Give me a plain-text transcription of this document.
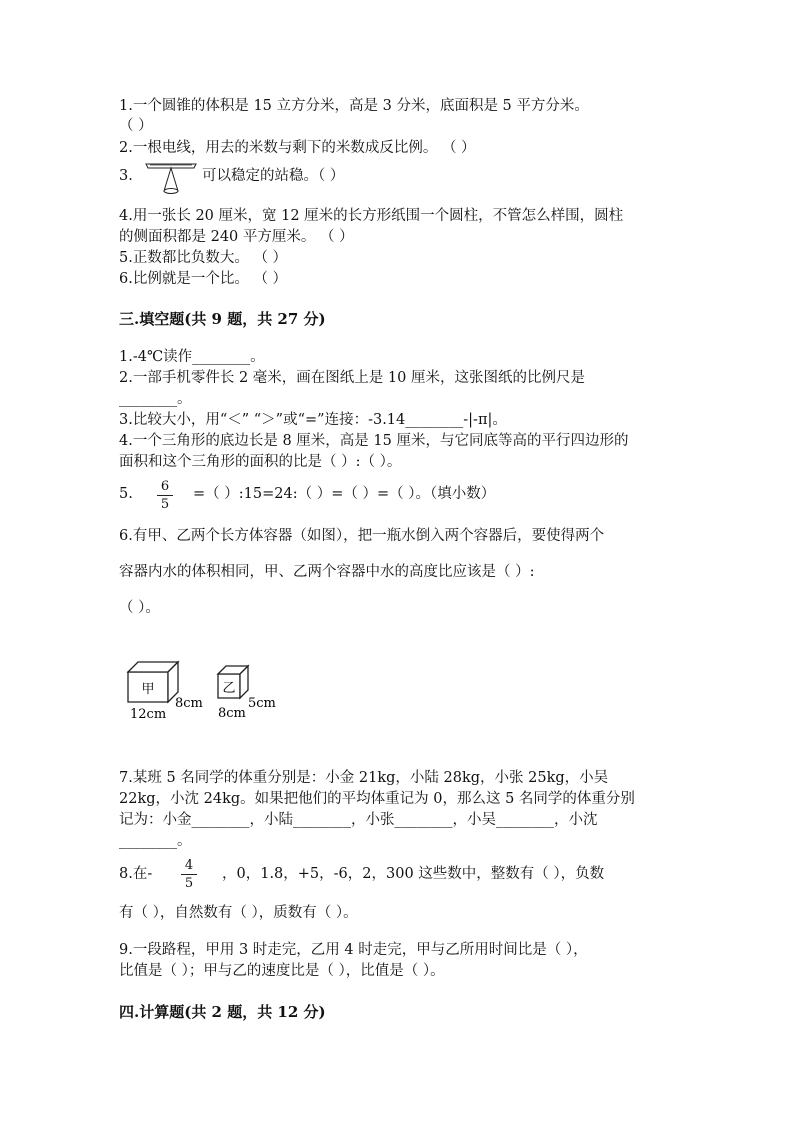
1.一个圆锥的体积是 15 立方分米，高是 3 分米，底面积是 5 平方分米。
（ ）
2.一根电线，用去的米数与剩下的米数成反比例。 （ ）
3.	可以稳定的站稳。（ ）
4.用一张长 20 厘米，宽 12 厘米的长方形纸围一个圆柱，不管怎么样围，圆柱
的侧面积都是 240 平方厘米。 （ ）
5.正数都比负数大。 （ ）
6.比例就是一个比。 （ ）
三.填空题(共 9 题，共 27 分)
1.-4℃读作________。
2.一部手机零件长 2 毫米，画在图纸上是 10 厘米，这张图纸的比例尺是
________。
3.比较大小，用“＜” “＞”或“=”连接：-3.14________-|-π|。
4.一个三角形的底边长是 8 厘米，高是 15 厘米，与它同底等高的平行四边形的
面积和这个三角形的面积的比是（ ）:（ ）。
5. 6
5
=（ ）:15=24:（ ）=（ ）=（ ）。（填小数）
6.有甲、乙两个长方体容器（如图），把一瓶水倒入两个容器后，要使得两个
容器内水的体积相同，甲、乙两个容器中水的高度比应该是（ ）:
（ ）。
甲
12cm
8cm
乙
8cm
5cm
7.某班 5 名同学的体重分别是：小金 21kg，小陆 28kg，小张 25kg，小吴
22kg，小沈 24kg。如果把他们的平均体重记为 0，那么这 5 名同学的体重分别
记为：小金________，小陆________，小张________，小吴________，小沈
________。
8.在-
4
5
，0，1.8，+5，-6，2，300 这些数中，整数有（ ），负数
有（ ），自然数有（ ），质数有（ ）。
9.一段路程，甲用 3 时走完，乙用 4 时走完，甲与乙所用时间比是（ ），
比值是（ ）；甲与乙的速度比是（ ），比值是（ ）。
四.计算题(共 2 题，共 12 分)
